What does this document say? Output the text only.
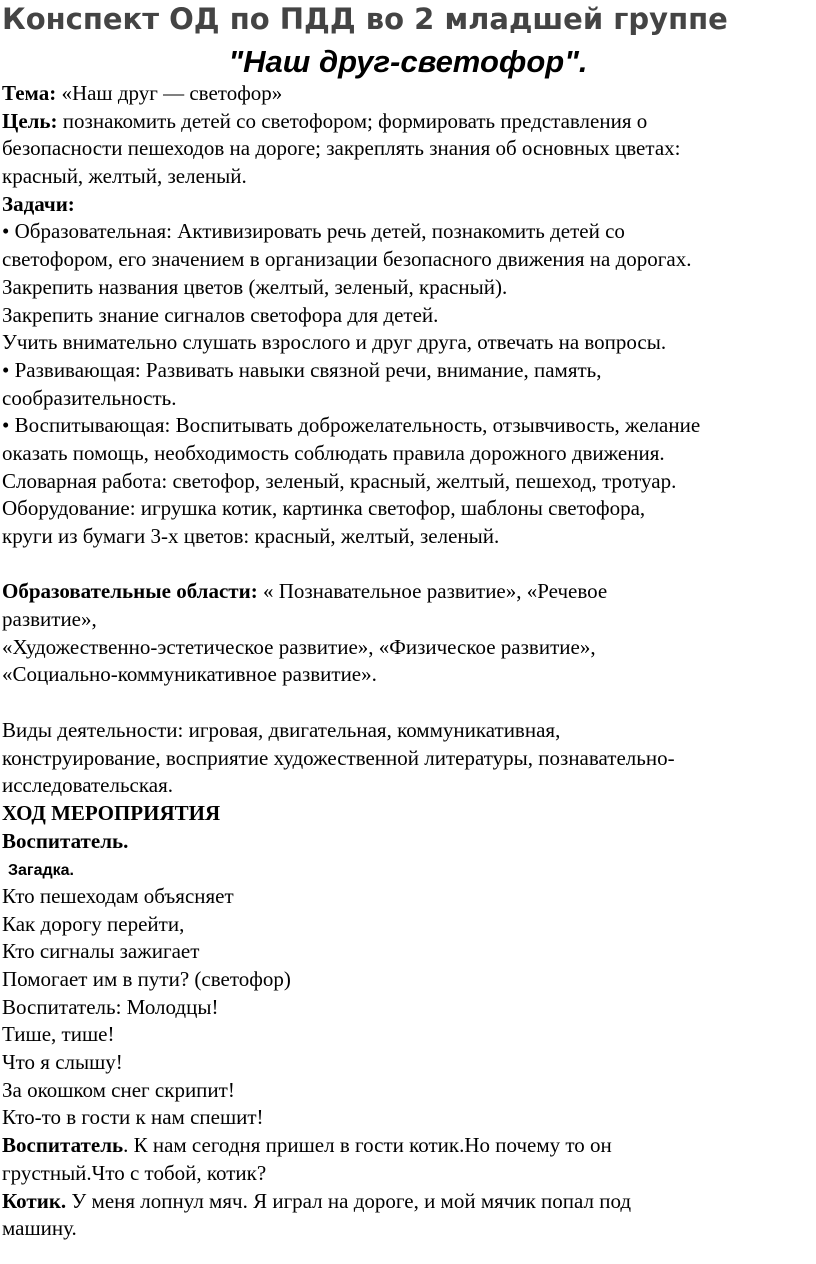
Конспект ОД по ПДД во 2 младшей группе
"Наш друг-светофор".
Тема: «Наш друг — светофор»
Цель: познакомить детей со светофором; формировать представления о
безопасности пешеходов на дороге; закреплять знания об основных цветах:
красный, желтый, зеленый.
Задачи:
• Образовательная: Активизировать речь детей, познакомить детей со
светофором, его значением в организации безопасного движения на дорогах.
Закрепить названия цветов (желтый, зеленый, красный).
Закрепить знание сигналов светофора для детей.
Учить внимательно слушать взрослого и друг друга, отвечать на вопросы.
• Развивающая: Развивать навыки связной речи, внимание, память,
сообразительность.
• Воспитывающая: Воспитывать доброжелательность, отзывчивость, желание
оказать помощь, необходимость соблюдать правила дорожного движения.
Словарная работа: светофор, зеленый, красный, желтый, пешеход, тротуар.
Оборудование: игрушка котик, картинка светофор, шаблоны светофора,
круги из бумаги 3-х цветов: красный, желтый, зеленый.
Образовательные области: « Познавательное развитие», «Речевое
развитие»,
«Художественно-эстетическое развитие», «Физическое развитие»,
«Социально-коммуникативное развитие».
Виды деятельности: игровая, двигательная, коммуникативная,
конструирование, восприятие художественной литературы, познавательно-
исследовательская.
ХОД МЕРОПРИЯТИЯ
Воспитатель.
Загадка.
Кто пешеходам объясняет
Как дорогу перейти,
Кто сигналы зажигает
Помогает им в пути? (светофор)
Воспитатель: Молодцы!
Тише, тише!
Что я слышу!
За окошком снег скрипит!
Кто-то в гости к нам спешит!
Воспитатель. К нам сегодня пришел в гости котик.Но почему то он
грустный.Что с тобой, котик?
Котик. У меня лопнул мяч. Я играл на дороге, и мой мячик попал под
машину.
